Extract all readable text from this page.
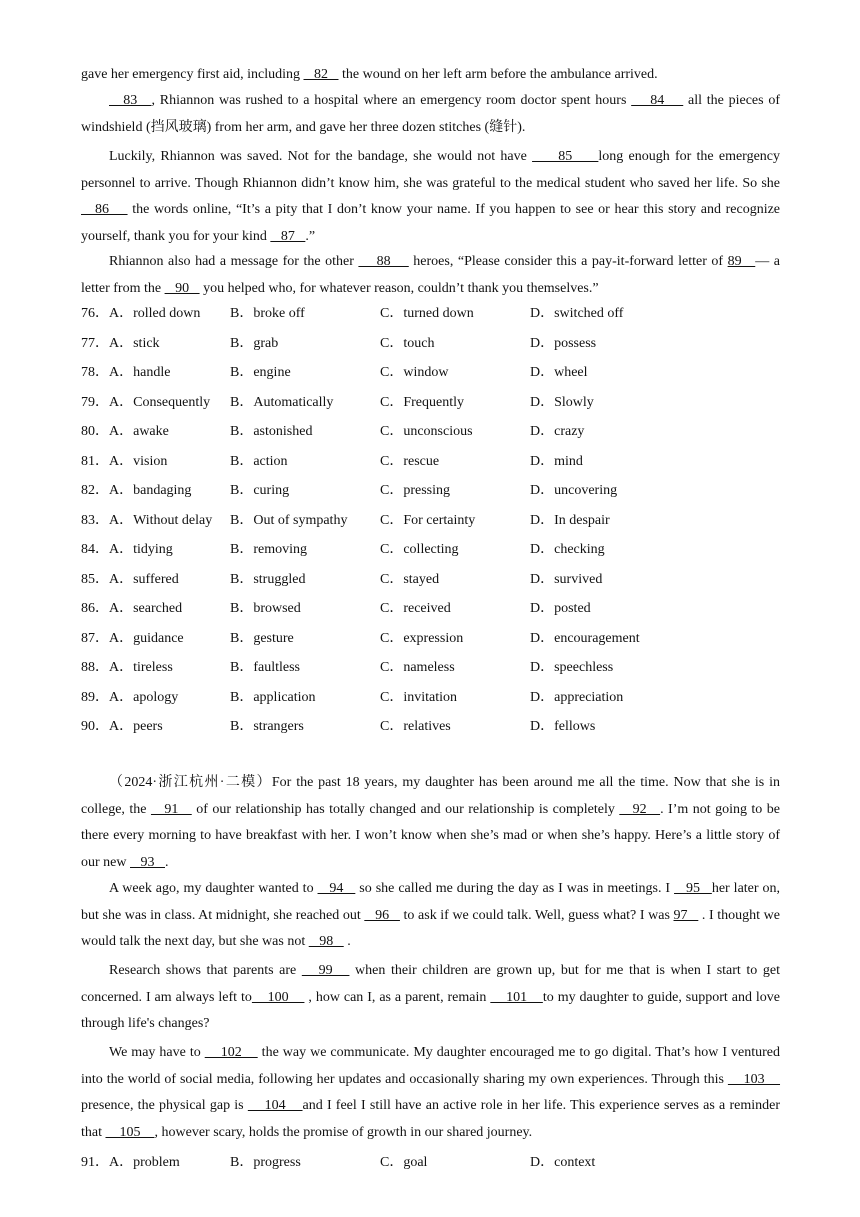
gave her emergency first aid, including    82    the wound on her left arm before the ambulance arrived.

83   , Rhiannon was rushed to a hospital where an emergency room doctor spent hours     84     all the pieces of windshield (挡风玻璃) from her arm, and gave her three dozen stitches (缝针).

Luckily, Rhiannon was saved. Not for the bandage, she would not have      85     long enough for the emergency personnel to arrive. Though Rhiannon didn’t know him, she was grateful to the medical student who saved her life. So she    86     the words online, “It’s a pity that I don’t know your name. If you happen to see or hear this story and recognize yourself, thank you for your kind    87   .”

Rhiannon also had a message for the other     88     heroes, “Please consider this a pay-it-forward letter of 89   — a letter from the    90    you helped who, for whatever reason, couldn’t thank you themselves.”

76．A．rolled down B．broke off	C．turned down	D．switched off
77．A．stick	B．grab	C．touch	D．possess
78．A．handle	B．engine	C．window	D．wheel
79．A．Consequently B．Automatically	C．Frequently	D．Slowly
80．A．awake	B．astonished	C．unconscious	D．crazy
81．A．vision	B．action	C．rescue	D．mind
82．A．bandaging	B．curing	C．pressing	D．uncovering
83．A．Without delay B．Out of sympathy C．For certainty	D．In despair
84．A．tidying	B．removing	C．collecting	D．checking
85．A．suffered	B．struggled	C．stayed	D．survived
86．A．searched	B．browsed	C．received	D．posted
87．A．guidance	B．gesture	C．expression	D．encouragement
88．A．tireless	B．faultless	C．nameless	D．speechless
89．A．apology	B．application	C．invitation	D．appreciation
90．A．peers	B．strangers	C．relatives	D．fellows

（2024·浙江杭州·二模）For the past 18 years, my daughter has been around me all the time. Now that she is in college, the    91    of our relationship has totally changed and our relationship is completely    92   . I’m not going to be there every morning to have breakfast with her. I won’t know when she’s mad or when she’s happy. Here’s a little story of our new    93   .

A week ago, my daughter wanted to    94    so she called me during the day as I was in meetings. I    95   her later on, but she was in class. At midnight, she reached out    96    to ask if we could talk. Well, guess what? I was 97    . I thought we would talk the next day, but she was not    98    .

Research shows that parents are    99    when their children are grown up, but for me that is when I start to get concerned. I am always left to    100     , how can I, as a parent, remain     101    to my daughter to guide, support and love through life's changes?

We may have to     102     the way we communicate. My daughter encouraged me to go digital. That’s how I ventured into the world of social media, following her updates and occasionally sharing my own experiences. Through this     103     presence, the physical gap is     104    and I feel I still have an active role in her life. This experience serves as a reminder that     105    , however scary, holds the promise of growth in our shared journey.

91．A．problem	B．progress	C．goal	D．context
